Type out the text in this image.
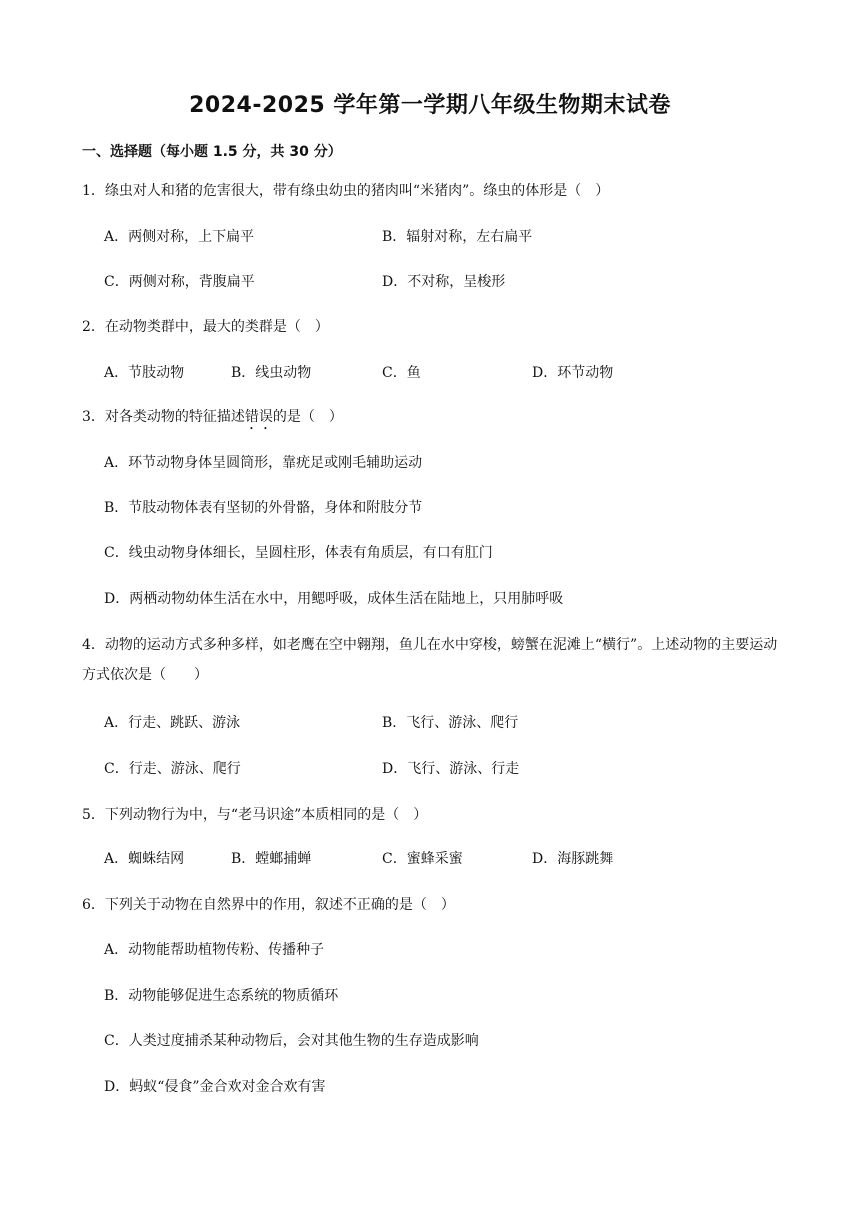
2024-2025 学年第一学期八年级生物期末试卷
一、选择题（每小题 1.5 分，共 30 分）
1．绦虫对人和猪的危害很大，带有绦虫幼虫的猪肉叫“米猪肉”。绦虫的体形是（　）
A．两侧对称，上下扁平	B．辐射对称，左右扁平
C．两侧对称，背腹扁平	D．不对称，呈梭形
2．在动物类群中，最大的类群是（　）
A．节肢动物	B．线虫动物	C．鱼	D．环节动物
3．对各类动物的特征描述错误的是（　）
A．环节动物身体呈圆筒形，靠疣足或刚毛辅助运动
B．节肢动物体表有坚韧的外骨骼，身体和附肢分节
C．线虫动物身体细长，呈圆柱形，体表有角质层，有口有肛门
D．两栖动物幼体生活在水中，用鳃呼吸，成体生活在陆地上，只用肺呼吸
4．动物的运动方式多种多样，如老鹰在空中翱翔，鱼儿在水中穿梭，螃蟹在泥滩上“横行”。上述动物的主要运动方式依次是（　　）
A．行走、跳跃、游泳	B．飞行、游泳、爬行
C．行走、游泳、爬行	D．飞行、游泳、行走
5．下列动物行为中，与“老马识途”本质相同的是（　）
A．蜘蛛结网	B．螳螂捕蝉	C．蜜蜂采蜜	D．海豚跳舞
6．下列关于动物在自然界中的作用，叙述不正确的是（　）
A．动物能帮助植物传粉、传播种子
B．动物能够促进生态系统的物质循环
C．人类过度捕杀某种动物后，会对其他生物的生存造成影响
D．蚂蚁“侵食”金合欢对金合欢有害
